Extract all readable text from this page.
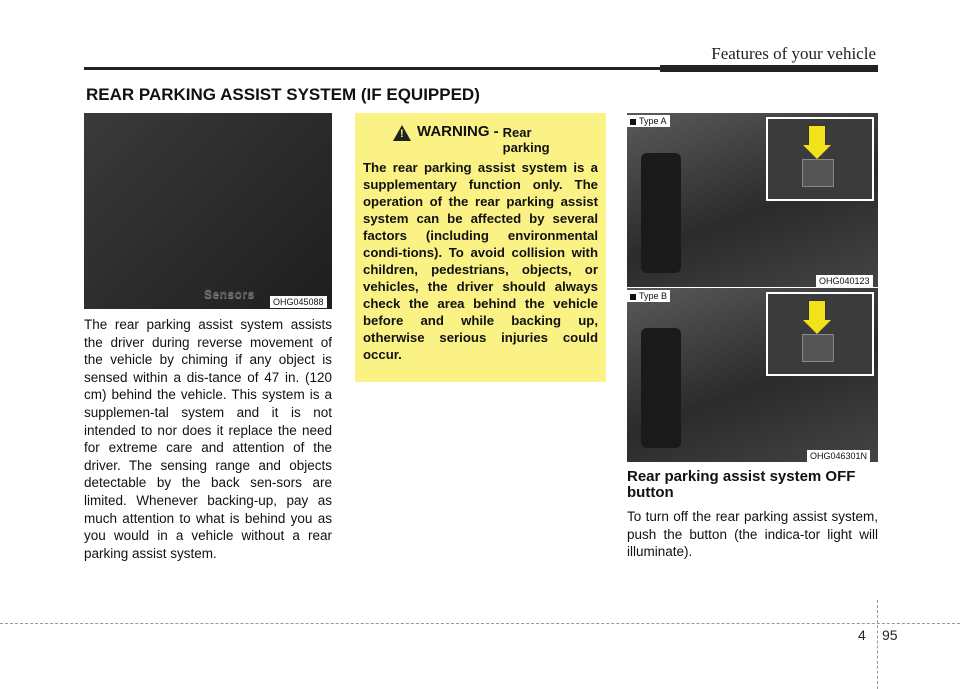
Features of your vehicle
REAR PARKING ASSIST SYSTEM (IF EQUIPPED)
Sensors
OHG045088
The rear parking assist system assists the driver during reverse movement of the vehicle by chiming if any object is sensed within a dis-tance of 47 in. (120 cm) behind the vehicle. This system is a supplemen-tal system and it is not intended to nor does it replace the need for extreme care and attention of the driver. The sensing range and objects detectable by the back sen-sors are limited. Whenever backing-up, pay as much attention to what is behind you as you would in a vehicle without a rear parking assist system.
! WARNING - Rear parking
The rear parking assist system is a supplementary function only. The operation of the rear parking assist system can be affected by several factors (including environmental condi-tions). To avoid collision with children, pedestrians, objects, or vehicles, the driver should always check the area behind the vehicle before and while backing up, otherwise serious injuries could occur.
Type A
OHG040123
Type B
OHG046301N
Rear parking assist system OFF button
To turn off the rear parking assist system, push the button (the indica-tor light will illuminate).
4 95
